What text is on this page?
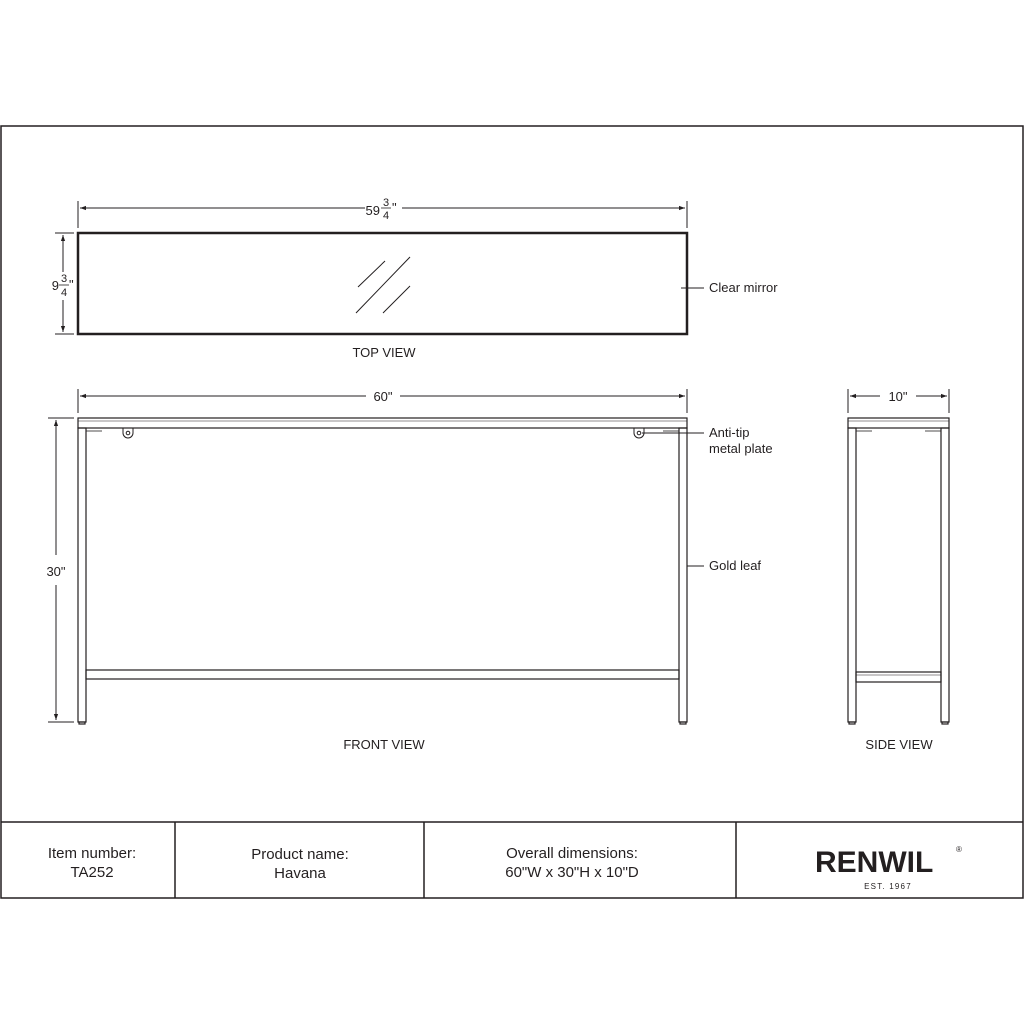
59 3
4
"
9 3
4
"	Clear mirror
TOP VIEW
60"
30"
Anti-tip
metal plate
Gold leaf
FRONT VIEW
10"
SIDE VIEW
Item number:
TA252
Product name:
Havana
Overall dimensions:
60"W x 30"H x 10"D	RENWIL	®
EST. 1967
